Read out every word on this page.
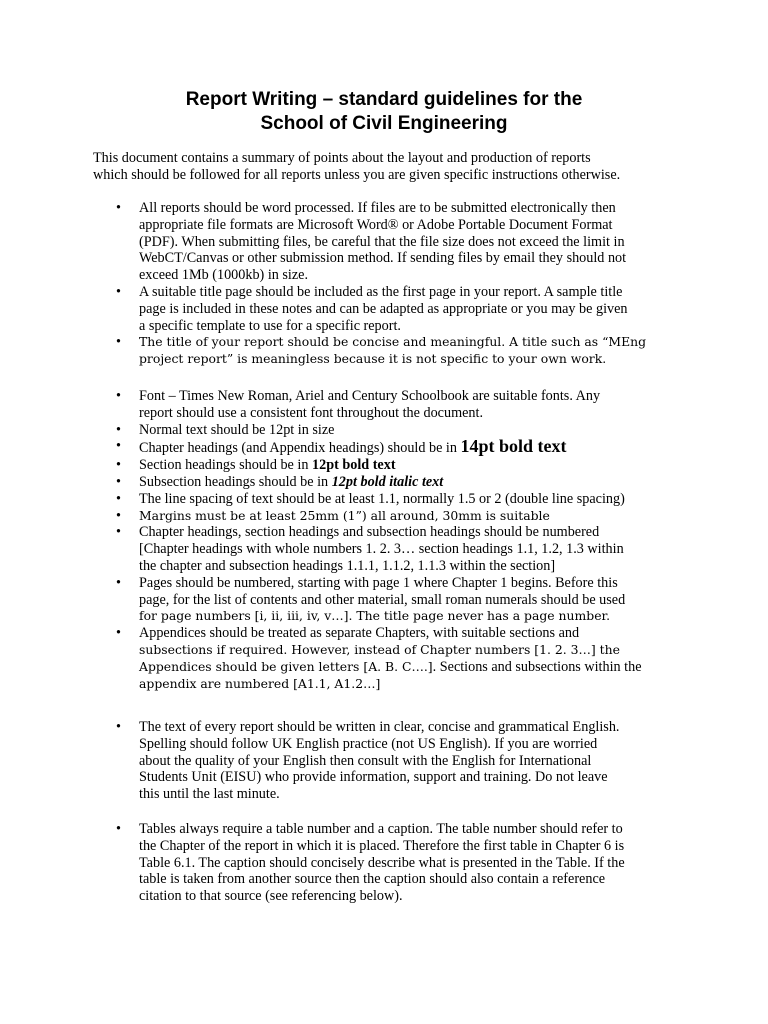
Report Writing – standard guidelines for the
School of Civil Engineering
This document contains a summary of points about the layout and production of reports
which should be followed for all reports unless you are given specific instructions otherwise.
• All reports should be word processed. If files are to be submitted electronically then
appropriate file formats are Microsoft Word® or Adobe Portable Document Format
(PDF). When submitting files, be careful that the file size does not exceed the limit in
WebCT/Canvas or other submission method. If sending files by email they should not
exceed 1Mb (1000kb) in size.
• A suitable title page should be included as the first page in your report. A sample title
page is included in these notes and can be adapted as appropriate or you may be given
a specific template to use for a specific report.
• The title of your report should be concise and meaningful. A title such as “MEng
project report” is meaningless because it is not specific to your own work.
• Font – Times New Roman, Ariel and Century Schoolbook are suitable fonts. Any
report should use a consistent font throughout the document.
• Normal text should be 12pt in size
• Chapter headings (and Appendix headings) should be in 14pt bold text
• Section headings should be in 12pt bold text
• Subsection headings should be in 12pt bold italic text
• The line spacing of text should be at least 1.1, normally 1.5 or 2 (double line spacing)
• Margins must be at least 25mm (1”) all around, 30mm is suitable
• Chapter headings, section headings and subsection headings should be numbered
[Chapter headings with whole numbers 1. 2. 3… section headings 1.1, 1.2, 1.3 within
the chapter and subsection headings 1.1.1, 1.1.2, 1.1.3 within the section]
• Pages should be numbered, starting with page 1 where Chapter 1 begins. Before this
page, for the list of contents and other material, small roman numerals should be used
for page numbers [i, ii, iii, iv, v…]. The title page never has a page number.
• Appendices should be treated as separate Chapters, with suitable sections and
subsections if required. However, instead of Chapter numbers [1. 2. 3…] the
Appendices should be given letters [A. B. C….]. Sections and subsections within the
appendix are numbered [A1.1, A1.2…]
• The text of every report should be written in clear, concise and grammatical English.
Spelling should follow UK English practice (not US English). If you are worried
about the quality of your English then consult with the English for International
Students Unit (EISU) who provide information, support and training. Do not leave
this until the last minute.
• Tables always require a table number and a caption. The table number should refer to
the Chapter of the report in which it is placed. Therefore the first table in Chapter 6 is
Table 6.1. The caption should concisely describe what is presented in the Table. If the
table is taken from another source then the caption should also contain a reference
citation to that source (see referencing below).
